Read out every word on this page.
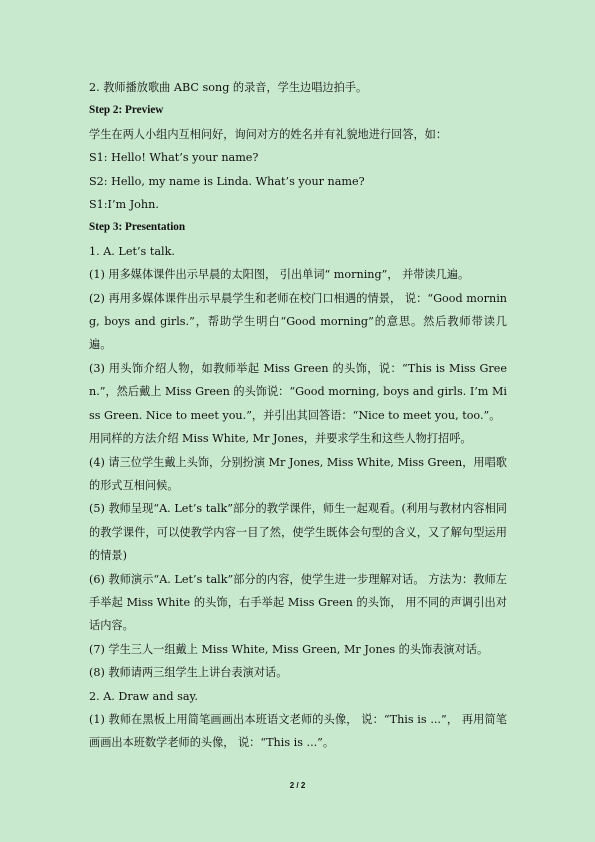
2. 教师播放歌曲 ABC song 的录音，学生边唱边拍手。

Step 2: Preview

学生在两人小组内互相问好，询问对方的姓名并有礼貌地进行回答，如：

S1: Hello! What’s your name?

S2: Hello, my name is Linda. What’s your name?

S1:I’m John.

Step 3: Presentation

1. A. Let’s talk.

(1) 用多媒体课件出示早晨的太阳图， 引出单词“ morning”， 并带读几遍。

(2) 再用多媒体课件出示早晨学生和老师在校门口相遇的情景， 说：“Good morning, boys and girls.”，帮助学生明白“Good morning”的意思。然后教师带读几遍。

(3) 用头饰介绍人物，如教师举起 Miss Green 的头饰，说：“This is Miss Green.”，然后戴上 Miss Green 的头饰说：“Good morning, boys and girls. I’m Miss Green. Nice to meet you.”，并引出其回答语：“Nice to meet you, too.”。

用同样的方法介绍 Miss White, Mr Jones，并要求学生和这些人物打招呼。

(4) 请三位学生戴上头饰，分别扮演 Mr Jones, Miss White, Miss Green，用唱歌的形式互相问候。

(5) 教师呈现“A. Let’s talk”部分的教学课件，师生一起观看。(利用与教材内容相同的教学课件，可以使教学内容一目了然，使学生既体会句型的含义，又了解句型运用的情景)

(6) 教师演示“A. Let’s talk”部分的内容，使学生进一步理解对话。 方法为：教师左手举起 Miss White 的头饰，右手举起 Miss Green 的头饰， 用不同的声调引出对话内容。

(7) 学生三人一组戴上 Miss White, Miss Green, Mr Jones 的头饰表演对话。

(8) 教师请两三组学生上讲台表演对话。

2. A. Draw and say.

(1) 教师在黑板上用简笔画画出本班语文老师的头像， 说：“This is ...”， 再用简笔画画出本班数学老师的头像， 说：“This is ...”。

2 / 2
